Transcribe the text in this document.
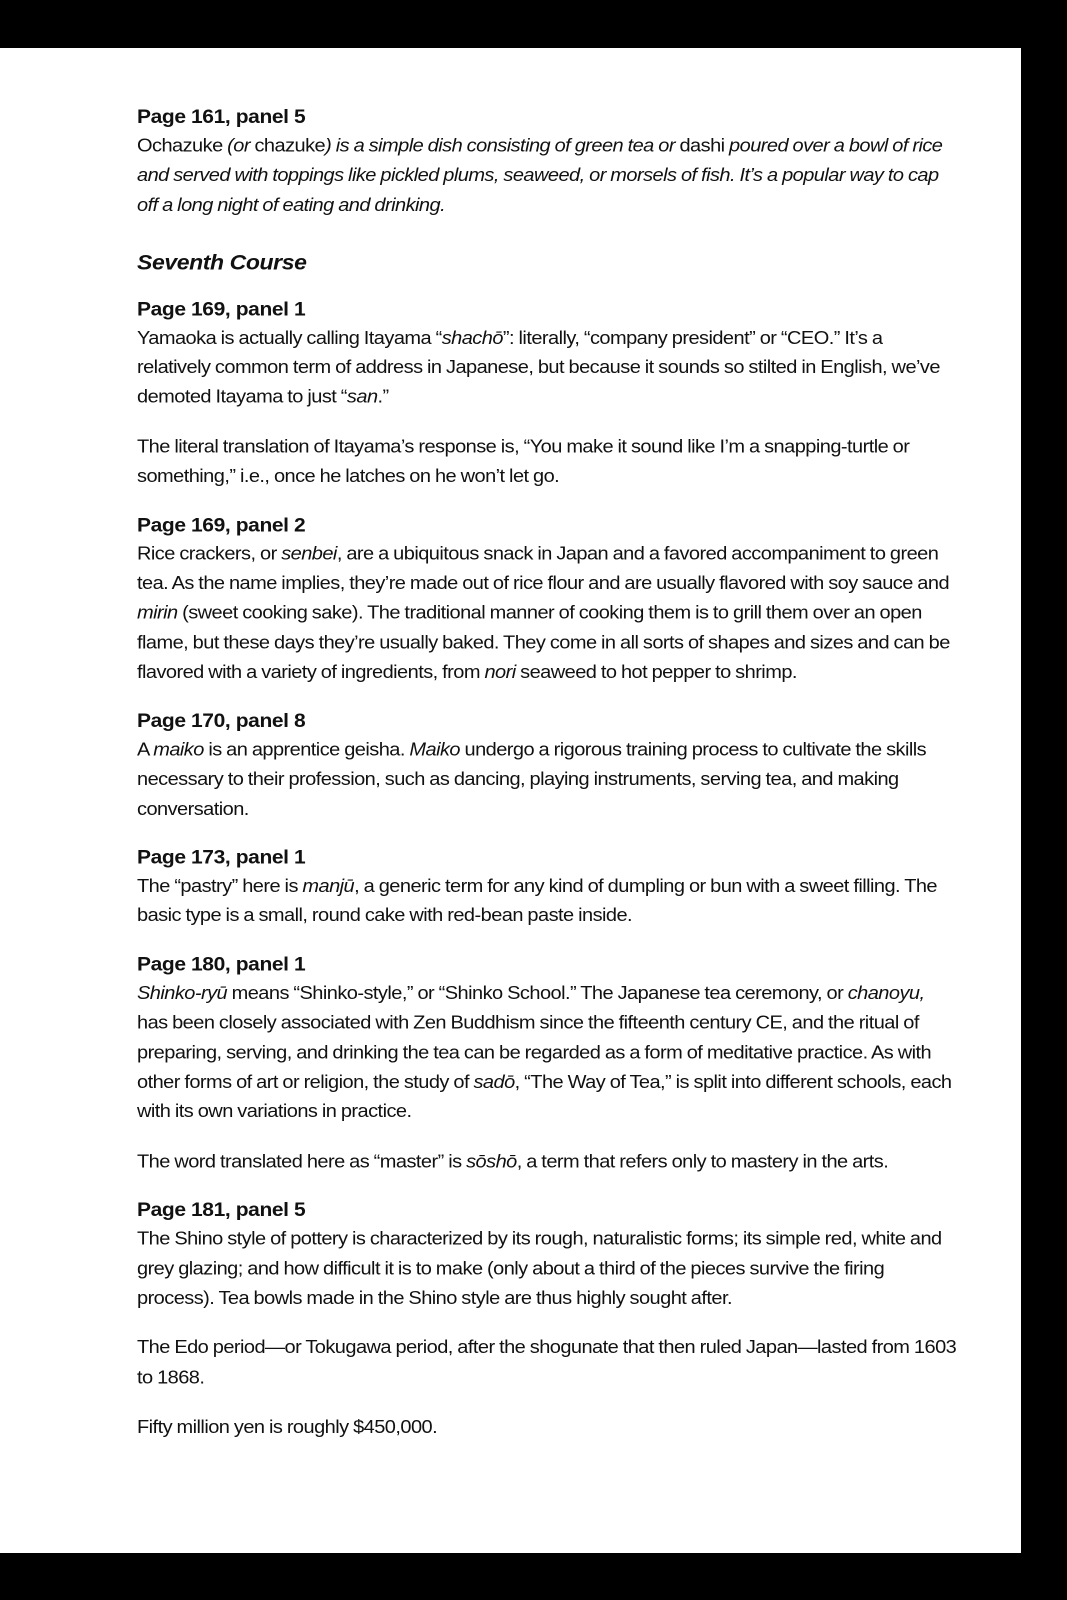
Page 161, panel 5

Ochazuke (or chazuke) is a simple dish consisting of green tea or dashi poured over a bowl of rice and served with toppings like pickled plums, seaweed, or morsels of fish. It’s a popular way to cap off a long night of eating and drinking.

Seventh Course
Page 169, panel 1

Yamaoka is actually calling Itayama “shachō”: literally, “company president” or “CEO.” It’s a relatively common term of address in Japanese, but because it sounds so stilted in English, we’ve demoted Itayama to just “san.”

The literal translation of Itayama’s response is, “You make it sound like I’m a snapping-turtle or something,” i.e., once he latches on he won’t let go.

Page 169, panel 2

Rice crackers, or senbei, are a ubiquitous snack in Japan and a favored accompaniment to green tea. As the name implies, they’re made out of rice flour and are usually flavored with soy sauce and mirin (sweet cooking sake). The traditional manner of cooking them is to grill them over an open flame, but these days they’re usually baked. They come in all sorts of shapes and sizes and can be flavored with a variety of ingredients, from nori seaweed to hot pepper to shrimp.

Page 170, panel 8

A maiko is an apprentice geisha. Maiko undergo a rigorous training process to cultivate the skills necessary to their profession, such as dancing, playing instruments, serving tea, and making conversation.

Page 173, panel 1

The “pastry” here is manjū, a generic term for any kind of dumpling or bun with a sweet filling. The basic type is a small, round cake with red-bean paste inside.

Page 180, panel 1

Shinko-ryū means “Shinko-style,” or “Shinko School.” The Japanese tea ceremony, or chanoyu, has been closely associated with Zen Buddhism since the fifteenth century CE, and the ritual of preparing, serving, and drinking the tea can be regarded as a form of meditative practice. As with other forms of art or religion, the study of sadō, “The Way of Tea,” is split into different schools, each with its own variations in practice.

The word translated here as “master” is sōshō, a term that refers only to mastery in the arts.

Page 181, panel 5

The Shino style of pottery is characterized by its rough, naturalistic forms; its simple red, white and grey glazing; and how difficult it is to make (only about a third of the pieces survive the firing process). Tea bowls made in the Shino style are thus highly sought after.

The Edo period—or Tokugawa period, after the shogunate that then ruled Japan—lasted from 1603 to 1868.

Fifty million yen is roughly $450,000.
